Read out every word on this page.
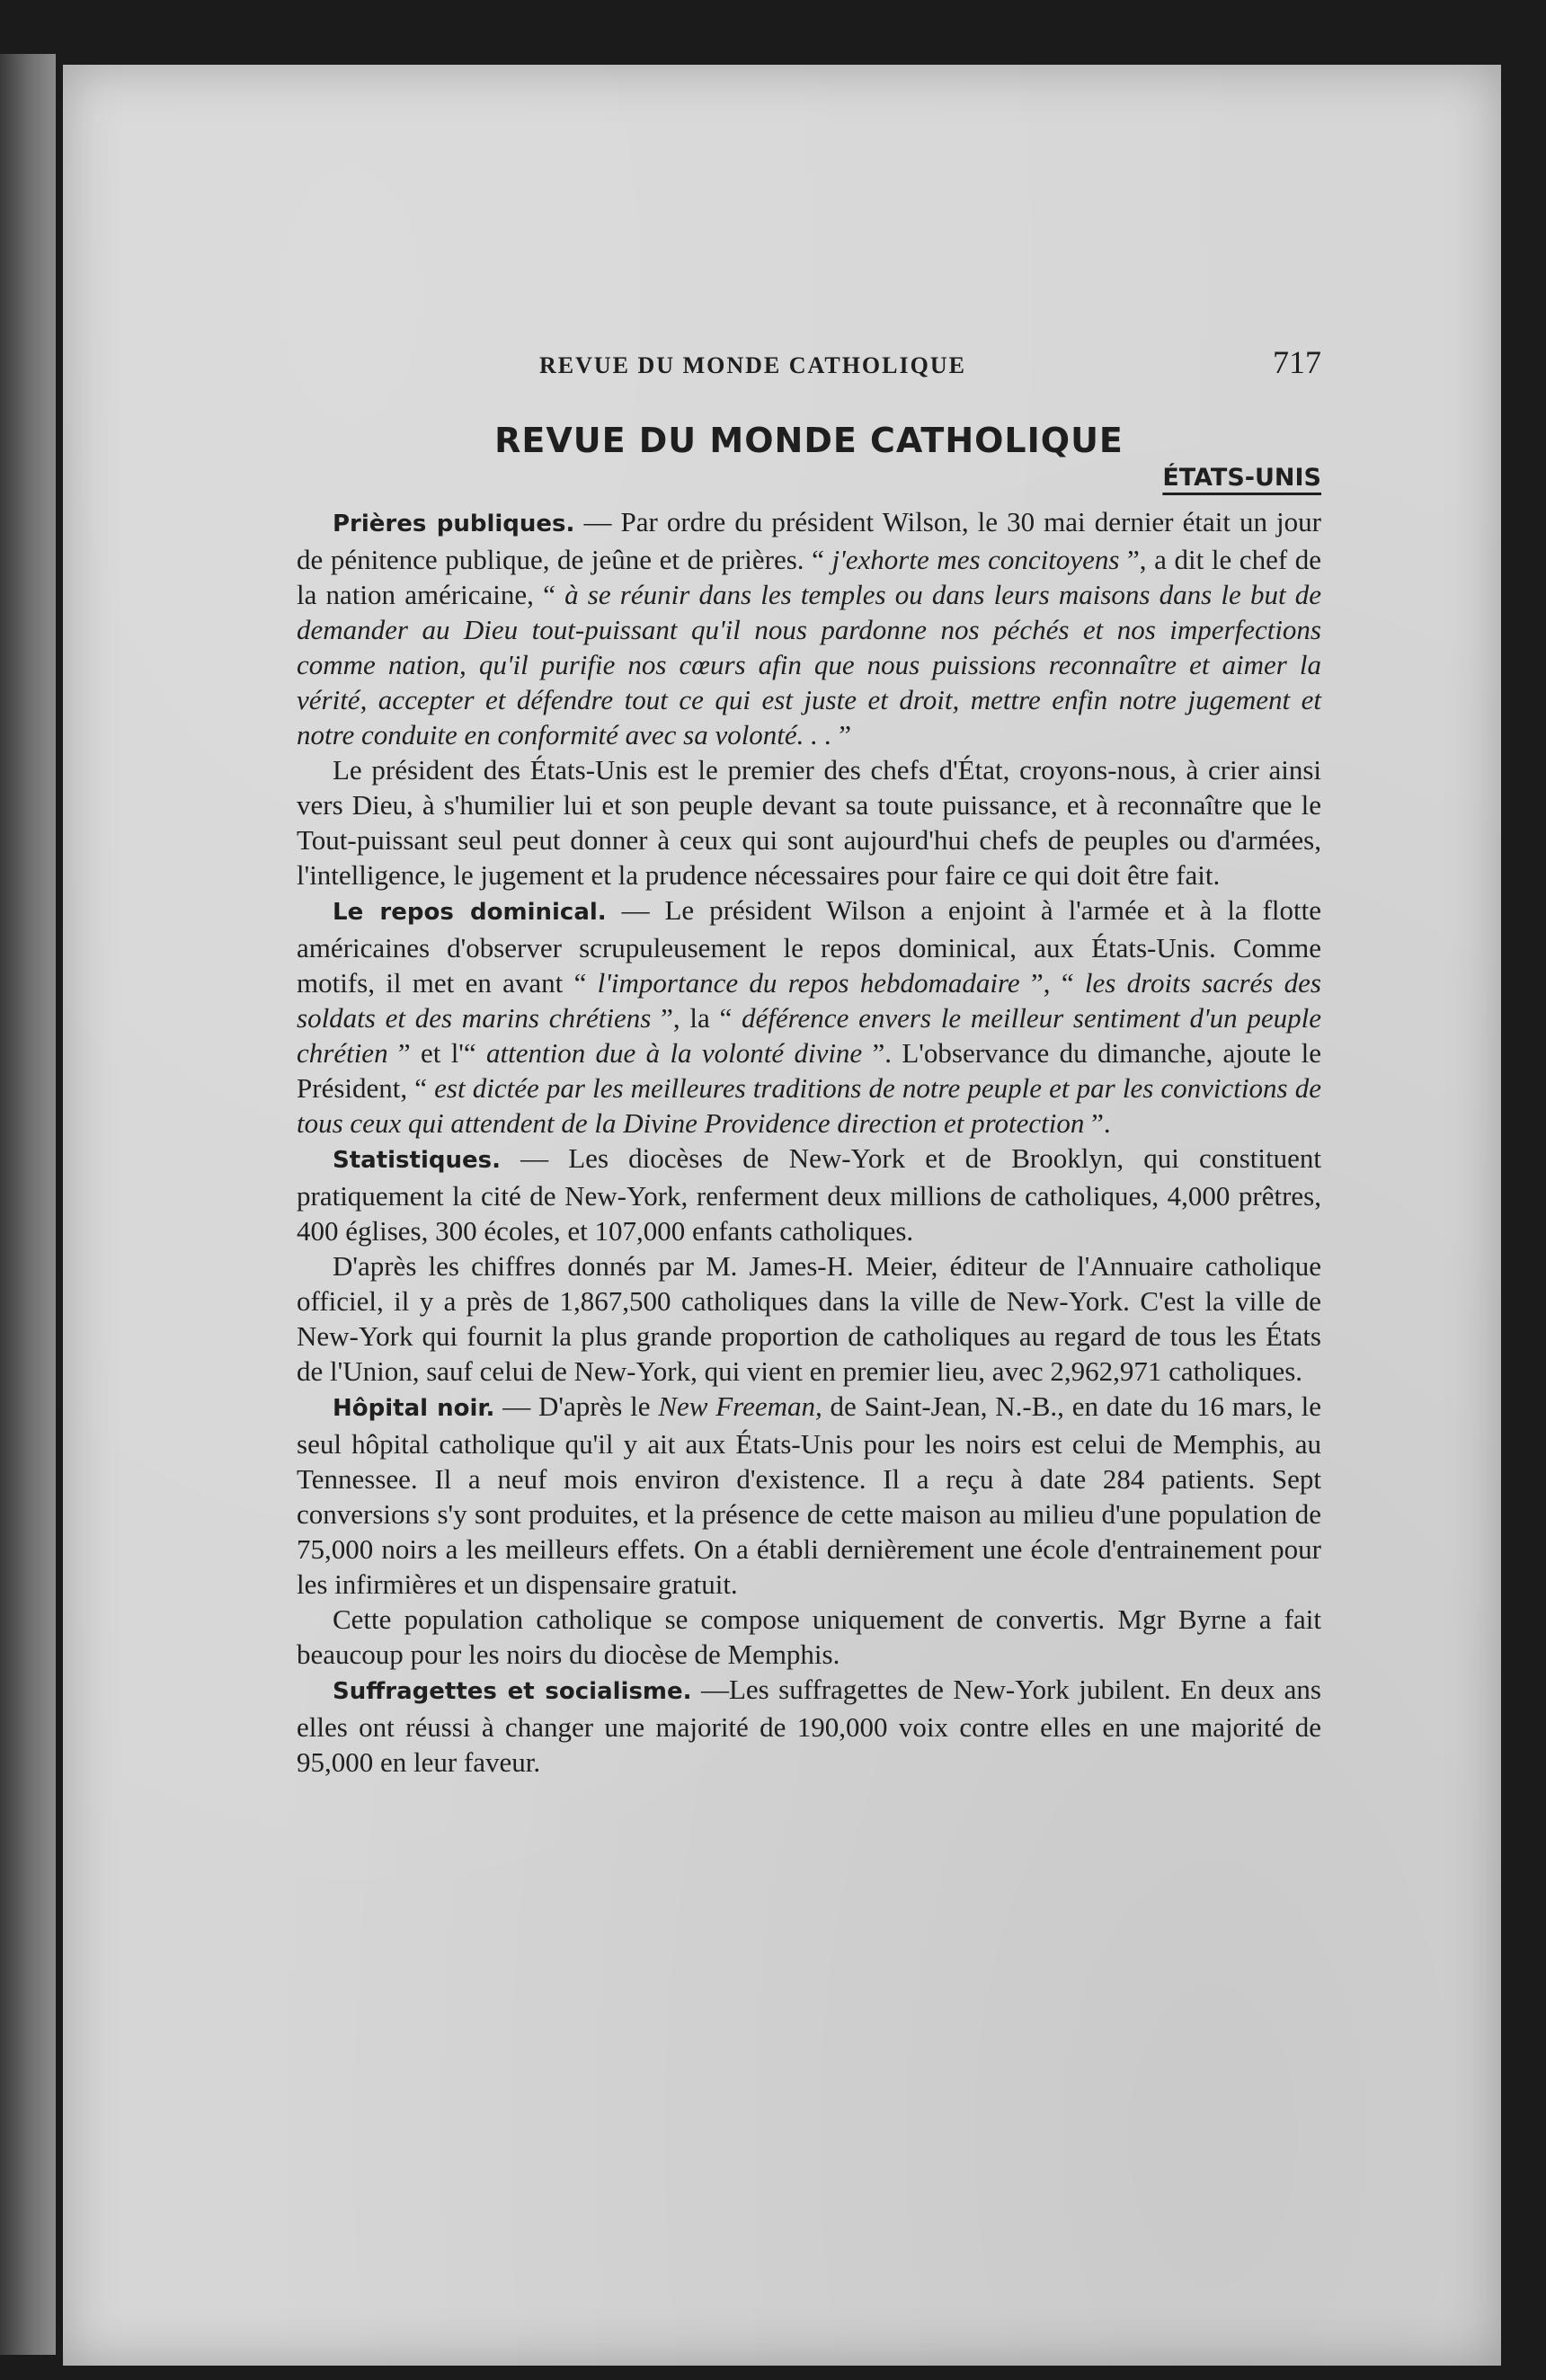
REVUE DU MONDE CATHOLIQUE	717
REVUE DU MONDE CATHOLIQUE
ÉTATS-UNIS

Prières publiques. — Par ordre du président Wilson, le 30 mai dernier était un jour de pénitence publique, de jeûne et de prières. “ j'exhorte mes concitoyens ”, a dit le chef de la nation américaine, “ à se réunir dans les temples ou dans leurs maisons dans le but de demander au Dieu tout-puissant qu'il nous pardonne nos péchés et nos imperfections comme nation, qu'il purifie nos cœurs afin que nous puissions reconnaître et aimer la vérité, accepter et défendre tout ce qui est juste et droit, mettre enfin notre jugement et notre conduite en conformité avec sa volonté. . . ”

Le président des États-Unis est le premier des chefs d'État, croyons-nous, à crier ainsi vers Dieu, à s'humilier lui et son peuple devant sa toute puissance, et à reconnaître que le Tout-puissant seul peut donner à ceux qui sont aujourd'hui chefs de peuples ou d'armées, l'intelligence, le jugement et la prudence nécessaires pour faire ce qui doit être fait.

Le repos dominical. — Le président Wilson a enjoint à l'armée et à la flotte américaines d'observer scrupuleusement le repos dominical, aux États-Unis. Comme motifs, il met en avant “ l'importance du repos hebdomadaire ”, “ les droits sacrés des soldats et des marins chrétiens ”, la “ déférence envers le meilleur sentiment d'un peuple chrétien ” et l'“ attention due à la volonté divine ”. L'observance du dimanche, ajoute le Président, “ est dictée par les meilleures traditions de notre peuple et par les convictions de tous ceux qui attendent de la Divine Providence direction et protection ”.

Statistiques. — Les diocèses de New-York et de Brooklyn, qui constituent pratiquement la cité de New-York, renferment deux millions de catholiques, 4,000 prêtres, 400 églises, 300 écoles, et 107,000 enfants catholiques.

D'après les chiffres donnés par M. James-H. Meier, éditeur de l'Annuaire catholique officiel, il y a près de 1,867,500 catholiques dans la ville de New-York. C'est la ville de New-York qui fournit la plus grande proportion de catholiques au regard de tous les États de l'Union, sauf celui de New-York, qui vient en premier lieu, avec 2,962,971 catholiques.

Hôpital noir. — D'après le New Freeman, de Saint-Jean, N.-B., en date du 16 mars, le seul hôpital catholique qu'il y ait aux États-Unis pour les noirs est celui de Memphis, au Tennessee. Il a neuf mois environ d'existence. Il a reçu à date 284 patients. Sept conversions s'y sont produites, et la présence de cette maison au milieu d'une population de 75,000 noirs a les meilleurs effets. On a établi dernièrement une école d'entrainement pour les infirmières et un dispensaire gratuit.

Cette population catholique se compose uniquement de convertis. Mgr Byrne a fait beaucoup pour les noirs du diocèse de Memphis.

Suffragettes et socialisme. —Les suffragettes de New-York jubilent. En deux ans elles ont réussi à changer une majorité de 190,000 voix contre elles en une majorité de 95,000 en leur faveur.
